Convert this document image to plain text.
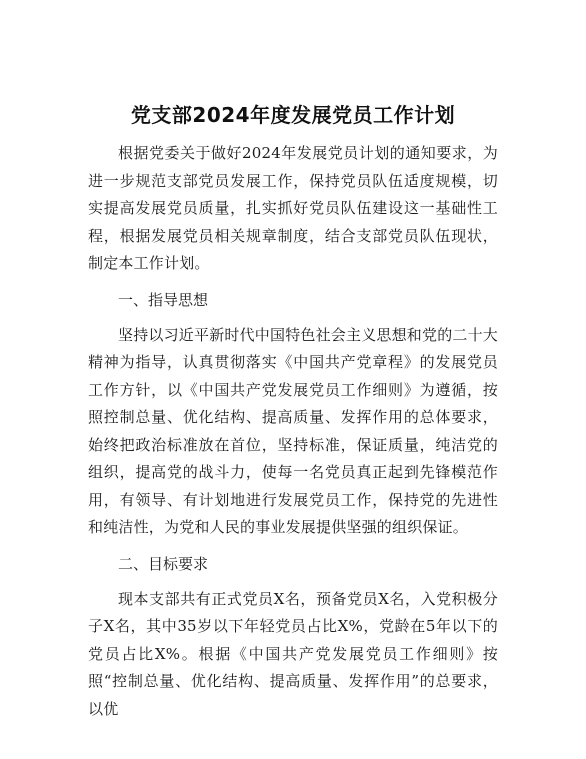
党支部2024年度发展党员工作计划

根据党委关于做好2024年发展党员计划的通知要求，为进一步规范支部党员发展工作，保持党员队伍适度规模，切实提高发展党员质量，扎实抓好党员队伍建设这一基础性工程，根据发展党员相关规章制度，结合支部党员队伍现状，制定本工作计划。

一、指导思想

坚持以习近平新时代中国特色社会主义思想和党的二十大精神为指导，认真贯彻落实《中国共产党章程》的发展党员工作方针，以《中国共产党发展党员工作细则》为遵循，按照控制总量、优化结构、提高质量、发挥作用的总体要求，始终把政治标准放在首位，坚持标准，保证质量，纯洁党的组织，提高党的战斗力，使每一名党员真正起到先锋模范作用，有领导、有计划地进行发展党员工作，保持党的先进性和纯洁性，为党和人民的事业发展提供坚强的组织保证。

二、目标要求

现本支部共有正式党员X名，预备党员X名，入党积极分子X名，其中35岁以下年轻党员占比X%，党龄在5年以下的党员占比X%。根据《中国共产党发展党员工作细则》按照“控制总量、优化结构、提高质量、发挥作用”的总要求，以优
